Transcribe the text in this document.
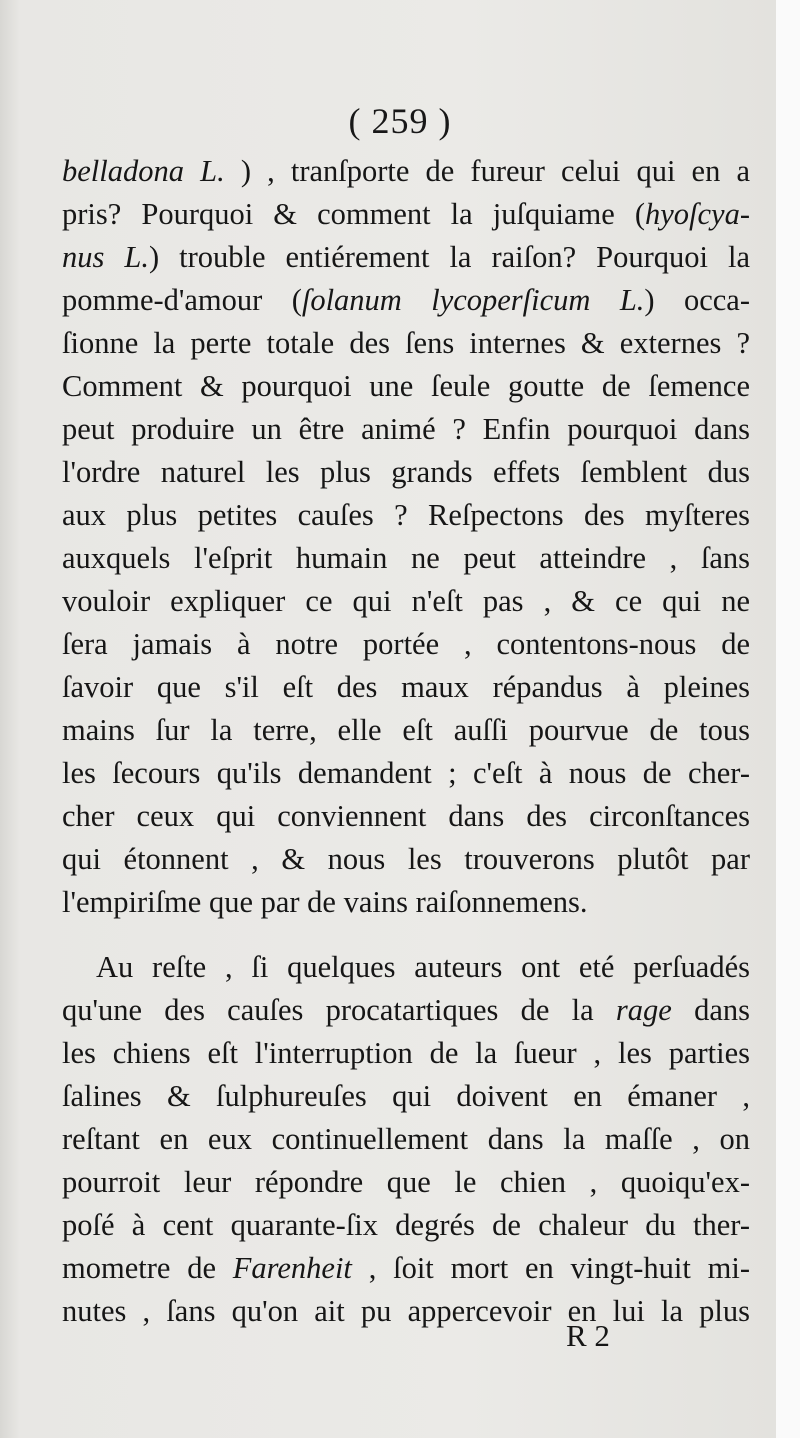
( 259 )
belladona L. ) , tranſporte de fureur celui qui en a
pris? Pourquoi & comment la juſquiame (hyoſcya-
nus L.) trouble entiérement la raiſon? Pourquoi la
pomme-d'amour (ſolanum lycoperſicum L.) occa-
ſionne la perte totale des ſens internes & externes ?
Comment & pourquoi une ſeule goutte de ſemence
peut produire un être animé ? Enfin pourquoi dans
l'ordre naturel les plus grands effets ſemblent dus
aux plus petites cauſes ? Reſpectons des myſteres
auxquels l'eſprit humain ne peut atteindre , ſans
vouloir expliquer ce qui n'eſt pas , & ce qui ne
ſera jamais à notre portée , contentons-nous de
ſavoir que s'il eſt des maux répandus à pleines
mains ſur la terre, elle eſt auſſi pourvue de tous
les ſecours qu'ils demandent ; c'eſt à nous de cher-
cher ceux qui conviennent dans des circonſtances
qui étonnent , & nous les trouverons plutôt par
l'empiriſme que par de vains raiſonnemens.
Au reſte , ſi quelques auteurs ont eté perſuadés
qu'une des cauſes procatartiques de la rage dans
les chiens eſt l'interruption de la ſueur , les parties
ſalines & ſulphureuſes qui doivent en émaner ,
reſtant en eux continuellement dans la maſſe , on
pourroit leur répondre que le chien , quoiqu'ex-
poſé à cent quarante-ſix degrés de chaleur du ther-
mometre de Farenheit , ſoit mort en vingt-huit mi-
nutes , ſans qu'on ait pu appercevoir en lui la plus
R 2
